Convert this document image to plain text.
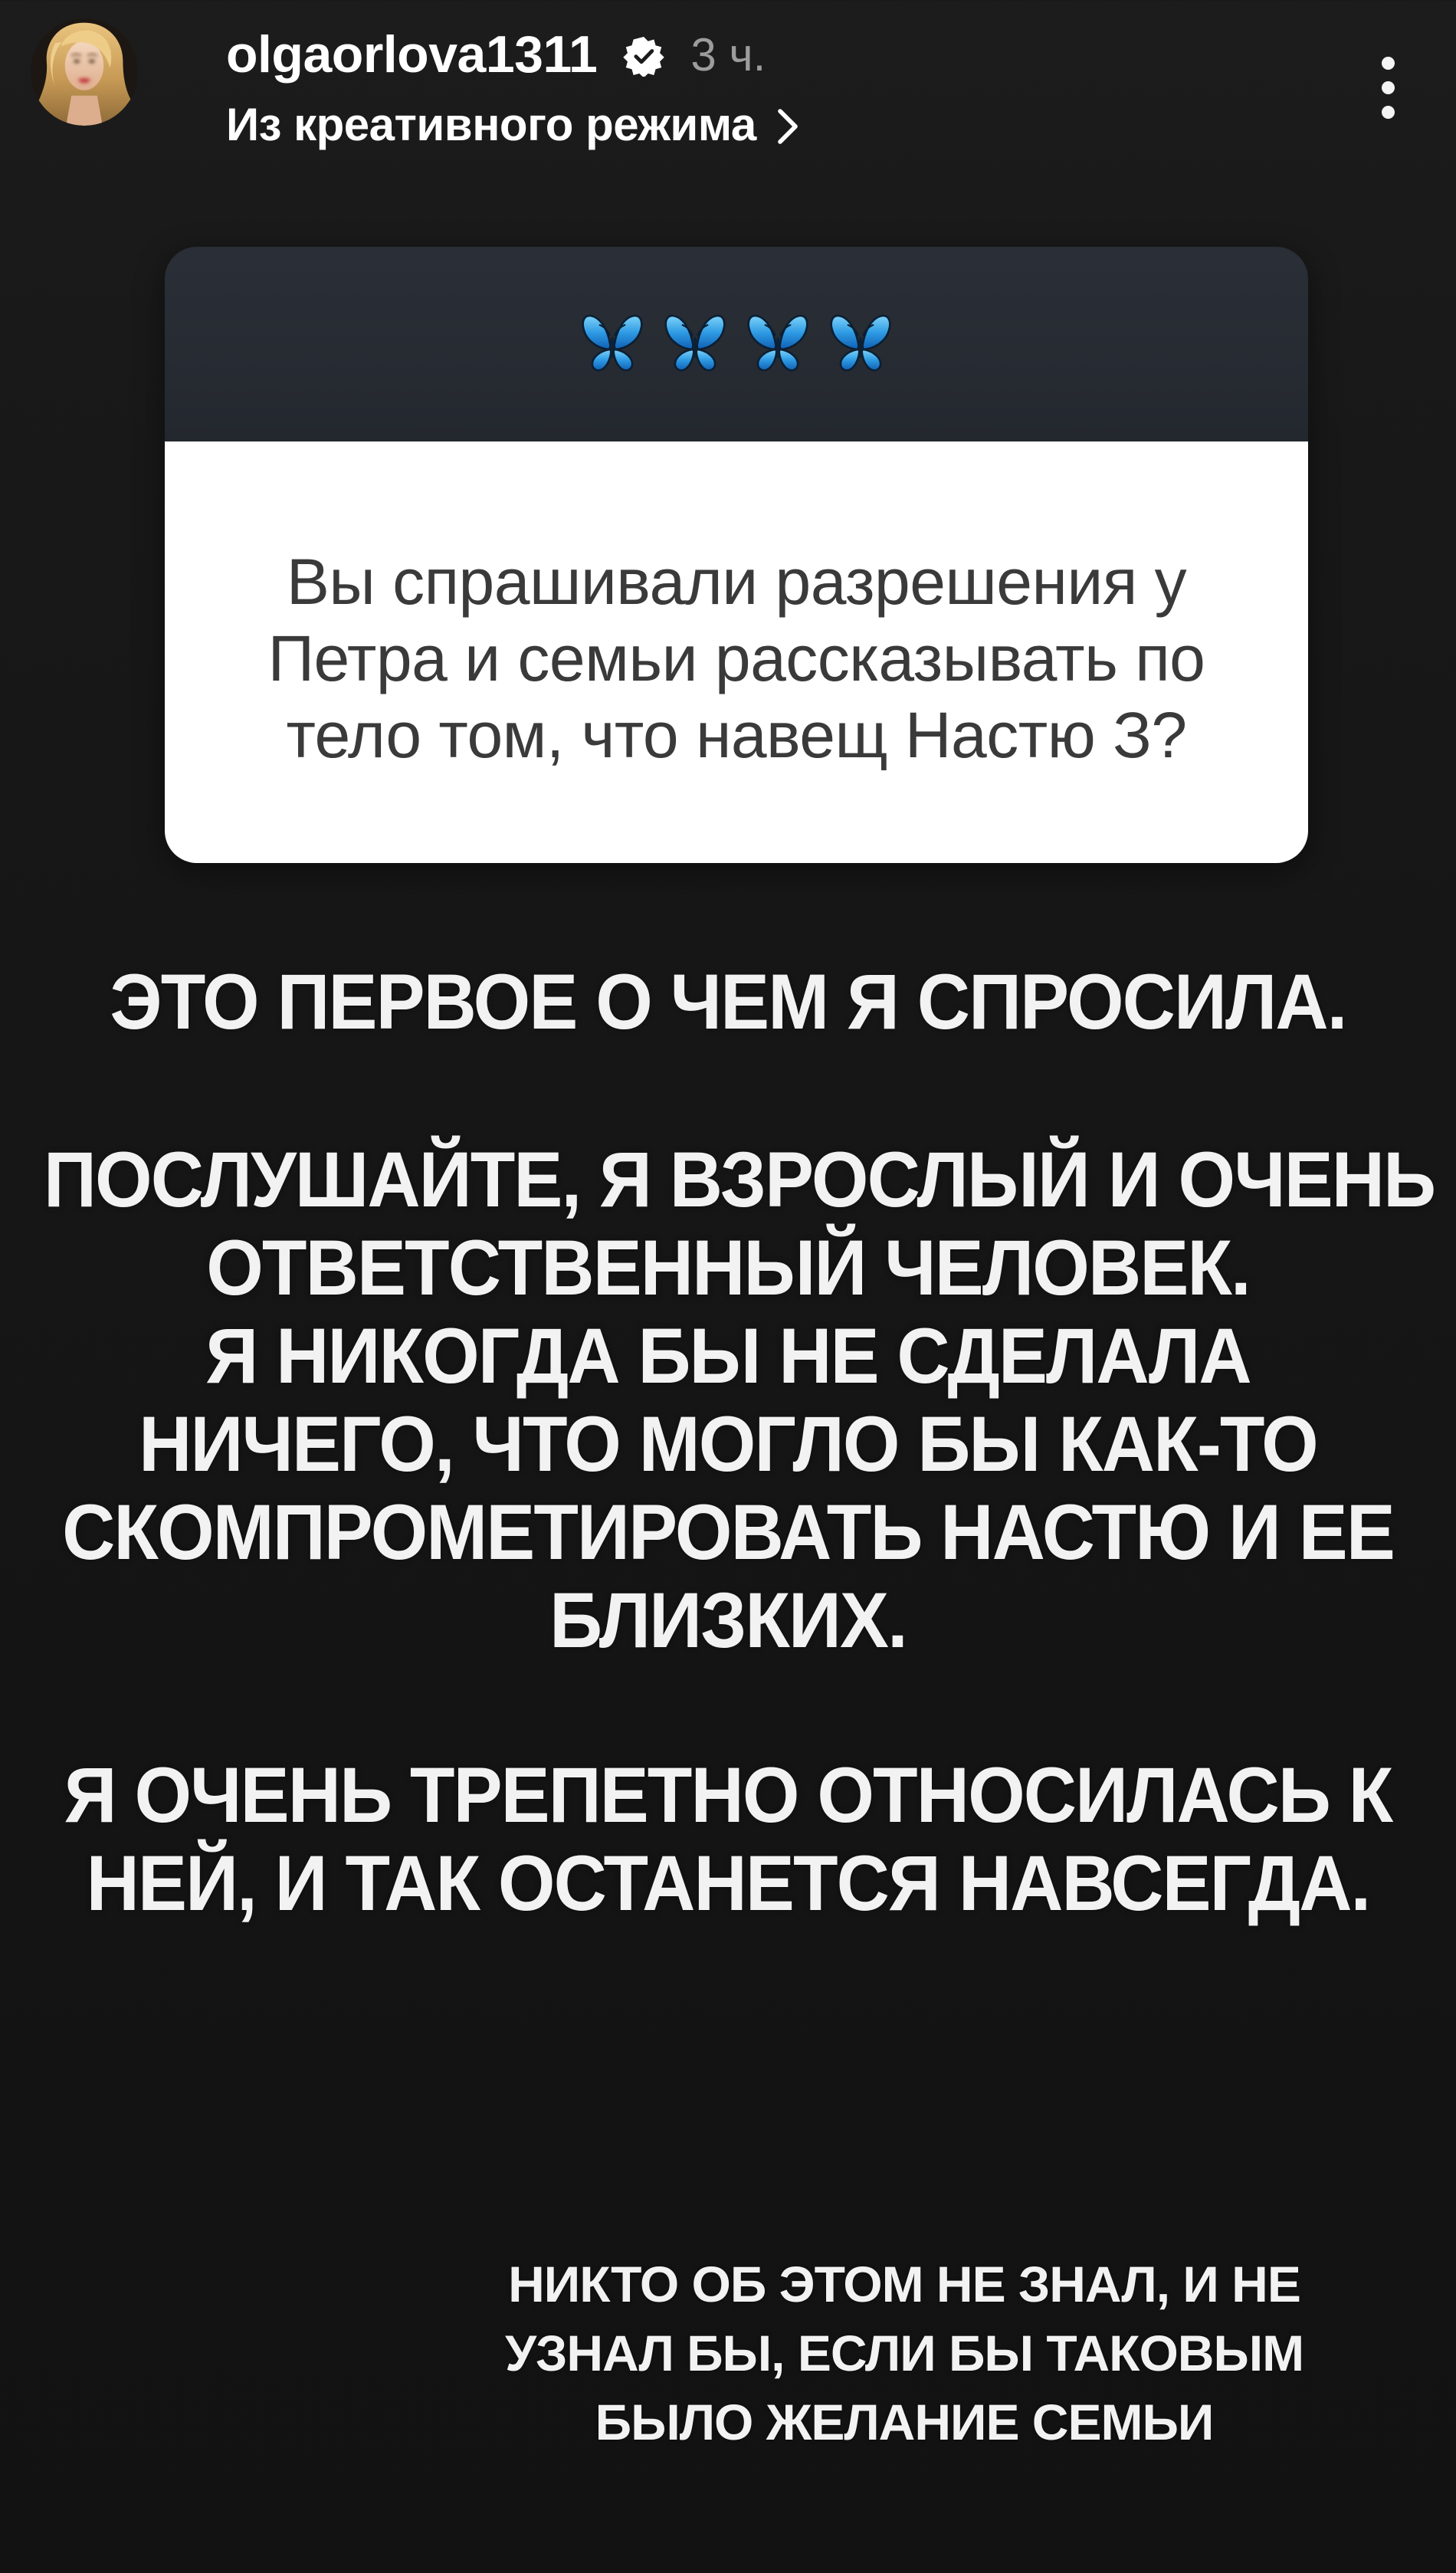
olgaorlova1311 3 ч.
Из креативного режима
Вы спрашивали разрешения у
Петра и семьи рассказывать по
тело том, что навещ Настю З?
ЭТО ПЕРВОЕ О ЧЕМ Я СПРОСИЛА.
ПОСЛУШАЙТЕ, Я ВЗРОСЛЫЙ И ОЧЕНЬ
ОТВЕТСТВЕННЫЙ ЧЕЛОВЕК.
Я НИКОГДА БЫ НЕ СДЕЛАЛА
НИЧЕГО, ЧТО МОГЛО БЫ КАК-ТО
СКОМПРОМЕТИРОВАТЬ НАСТЮ И ЕЕ
БЛИЗКИХ.
Я ОЧЕНЬ ТРЕПЕТНО ОТНОСИЛАСЬ К
НЕЙ, И ТАК ОСТАНЕТСЯ НАВСЕГДА.
НИКТО ОБ ЭТОМ НЕ ЗНАЛ, И НЕ
УЗНАЛ БЫ, ЕСЛИ БЫ ТАКОВЫМ
БЫЛО ЖЕЛАНИЕ СЕМЬИ
